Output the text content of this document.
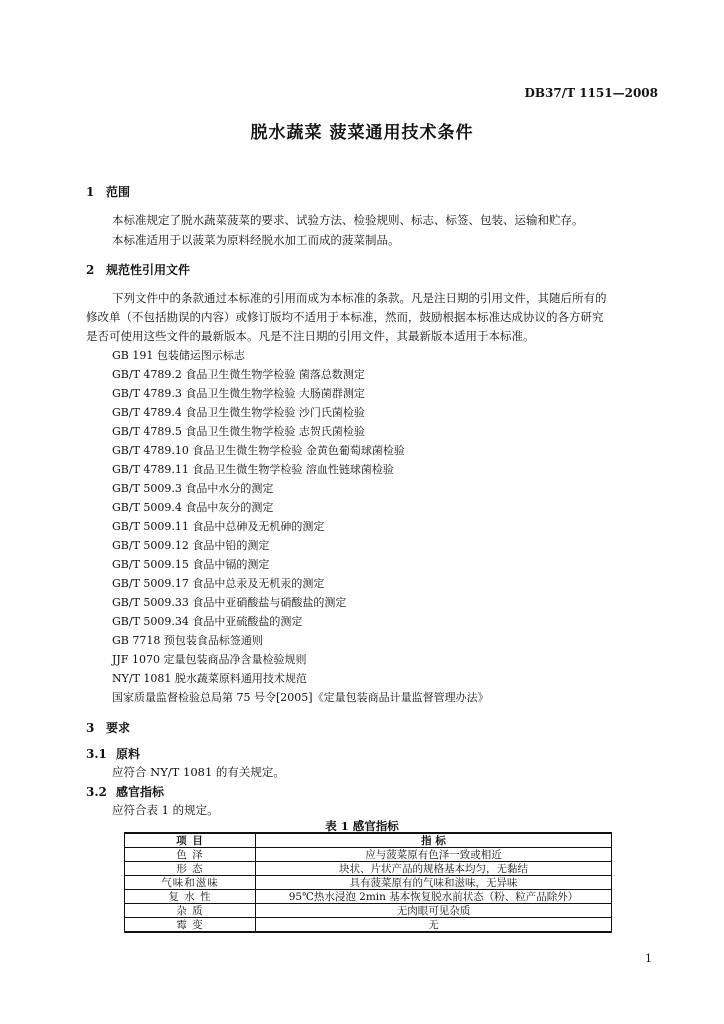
DB37/T 1151—2008
脱水蔬菜 菠菜通用技术条件
1 范围
本标准规定了脱水蔬菜菠菜的要求、试验方法、检验规则、标志、标签、包装、运输和贮存。
本标准适用于以菠菜为原料经脱水加工而成的菠菜制品。
2 规范性引用文件
下列文件中的条款通过本标准的引用而成为本标准的条款。凡是注日期的引用文件，其随后所有的
修改单（不包括勘误的内容）或修订版均不适用于本标准，然而，鼓励根据本标准达成协议的各方研究
是否可使用这些文件的最新版本。凡是不注日期的引用文件，其最新版本适用于本标准。
GB 191 包装储运图示标志
GB/T 4789.2 食品卫生微生物学检验 菌落总数测定
GB/T 4789.3 食品卫生微生物学检验 大肠菌群测定
GB/T 4789.4 食品卫生微生物学检验 沙门氏菌检验
GB/T 4789.5 食品卫生微生物学检验 志贺氏菌检验
GB/T 4789.10 食品卫生微生物学检验 金黄色葡萄球菌检验
GB/T 4789.11 食品卫生微生物学检验 溶血性链球菌检验
GB/T 5009.3 食品中水分的测定
GB/T 5009.4 食品中灰分的测定
GB/T 5009.11 食品中总砷及无机砷的测定
GB/T 5009.12 食品中铅的测定
GB/T 5009.15 食品中镉的测定
GB/T 5009.17 食品中总汞及无机汞的测定
GB/T 5009.33 食品中亚硝酸盐与硝酸盐的测定
GB/T 5009.34 食品中亚硫酸盐的测定
GB 7718 预包装食品标签通则
JJF 1070 定量包装商品净含量检验规则
NY/T 1081 脱水蔬菜原料通用技术规范
国家质量监督检验总局第 75 号令[2005]《定量包装商品计量监督管理办法》
3 要求
3.1 原料
应符合 NY/T 1081 的有关规定。
3.2 感官指标
应符合表 1 的规定。
表 1 感官指标
项 目	指 标
色 泽	应与菠菜原有色泽一致或相近
形 态	块状、片状产品的规格基本均匀，无黏结
气味和滋味	具有菠菜原有的气味和滋味，无异味
复 水 性	95℃热水浸泡 2min 基本恢复脱水前状态（粉、粒产品除外）
杂 质	无肉眼可见杂质
霉 变	无
1
